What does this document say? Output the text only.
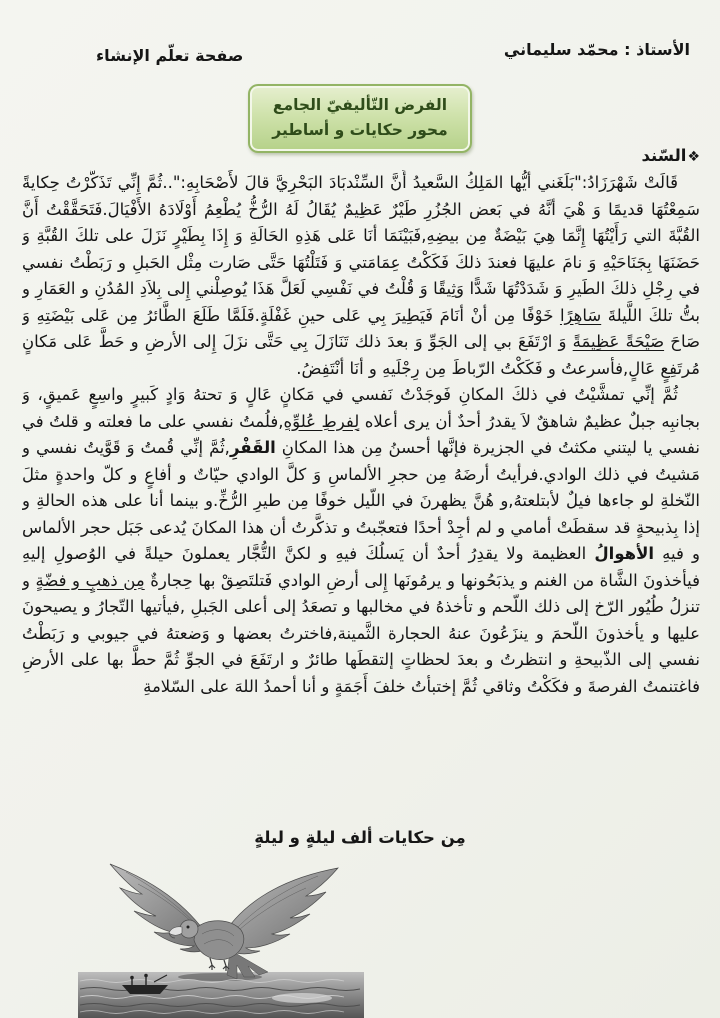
الأستاذ : محمّد سليماني
صفحة تعلّم الإنشاء
الفرض التّأليفيّ الجامع
محور حكايات و أساطير
❖السّند

قَالَتْ شَهْرَزَادُ:"بَلَغَني أيُّها المَلِكُ السَّعيدُ أَنَّ السِّنْدبَادَ البَحْرِيَّ قالَ لأَصْحَابِهِ:"..ثُمَّ إِنِّي تَذَكَّرْتُ حِكايةً سَمِعْتُهَا قديمًا وَ هْيَ أنَّهُ في بَعض الجُزُرِ طَيْرٌ عَظِيمٌ يُقَالُ لَهُ الرُّخُّ يُطْعِمُ أَوْلَادَهُ الأَفْيَالَ.فَتَحَقَّقْتُ أَنَّ القُبَّةَ التي رَأَيْتُهَا إِنَّمَا هِيَ بَيْضَةٌ مِن بيضِهِ,فَبَيْنَمَا أنَا عَلى هَذِهِ الحَالَةِ وَ إِذَا بِطَيْرٍ نَزَلَ على تلكَ القُبَّةِ وَ حَضَنَهَا بِجَنَاحَيْهِ وَ نامَ عليهَا فعندَ ذلكَ فَكَكْتُ عِمَامَتي وَ فَتَلْتُهَا حَتَّى صَارت مِثْل الحَبلِ و رَبَطْتُ نفسي في رِجْلِ ذلكَ الطَيرِ وَ شَدَدْتُهَا شَدًّا وَثِيقًا وَ قُلْتُ في نَفْسِي لَعَلَّ هَذَا يُوصِلْني إِلى بِلاَدِ المُدُنِ و العَمَارِ و بتُّ تلكَ اللَّيلةَ سَاهِرًا خَوْفًا مِن أنْ أنَامَ فَيَطِيرَ بِي عَلى حينِ غَفْلَةٍ.فَلَمَّا طَلَعَ الطَّائرُ مِن عَلى بَيْضَتِهِ وَ صَاحَ صَيْحَةً عَظِيمَةً وَ ارْتَفَعَ بي إلى الجَوِّ وَ بعدَ ذلك تَنَازَلَ بِي حَتَّى نزَلَ إِلى الأرضِ و حَطَّ عَلى مَكانٍ مُرتَفِعٍ عَالٍ,فأسرعتُ و فَكَكْتُ الرّباطَ مِن رِجْلَيهِ و أنَا أنْتَفِضُ.

ثُمَّ إنِّي تمشَّيْتُ في ذلكَ المكانِ فَوجَدْتُ نَفسي في مَكانٍ عَالٍ وَ تحتهُ وَادٍ كَبيرٍ واسِعٍ عَميقٍ، وَ بجانبِه جبلٌ عظيمٌ شاهقٌ لاَ يقدرُ أحدٌ أن يرى أعلاه لِفرطِ عُلوِّهِ,فلُمتُ نفسي على ما فعلته و قلتُ في نفسي يا ليتني مكثتُ في الجزيرة فإنَّها أحسنُ مِن هذا المكانِ القَفْرِ,ثُمَّ إنِّي قُمتُ وَ قَوَّيتُ نفسي و مَشيتُ في ذلك الوادي.فرأيتُ أرضَهُ مِن حجرِ الألماسِ وَ كلَّ الوادي حيّاتٌ و أفاعٍ و كلّ واحدةٍ مثلَ النّخلةِ لو جاءها فيلٌ لأبتلعتهُ,و هُنَّ يظهرنَ في اللّيل خوفًا مِن طيرِ الرُّخِّ.و بينما أنا على هذه الحالةِ و إذا بِذبيحةٍ قد سقطَتْ أمامي و لم أجِدْ أحدًا فتعجّبتُ و تذكَّرتُ أن هذا المكانَ يُدعى جَبَل حجر الألماس و فيهِ الأهوالُ العظيمة ولا يقدِرُ أحدٌ أن يَسلُكَ فيهِ و لكنَّ التُّجَّار يعملونَ حيلةً في الوُصولِ إليهِ فيأخذونَ الشَّاة من الغنم و يذبَحُونها و يرمُونَها إِلى أرضِ الوادي فَتلتَصِقْ بها حِجارةٌ مِن ذهبٍ و فضّةٍ و تنزلُ طُيُور الرّخ إلى ذلك اللّحم و تأخذهُ في مخالبها و تصعَدُ إلى أعلى الجَبلِ ,فيأتيها التّجارُ و يصيحونَ عليها و يأخذونَ اللّحمَ و ينزَعُونَ عنهُ الحجارة الثَّمينة,فاخترتُ بعضها و وَضعتهُ في جيوبي و رَبَطْتُ نفسي إلى الذّبيحةِ و انتظرتُ و بعدَ لحظاتٍ إلتقطَها طائرٌ و ارتَفَعَ في الجوِّ ثُمَّ حطَّ بها على الأرضِ فاغتنمتُ الفرصةَ و فكَكْتُ وثاقي ثُمَّ إختبأتُ خلفَ أَجَمَةٍ و أنا أحمدُ اللهَ على السّلامةِ

مِن حكايات ألف ليلةٍ و ليلةٍ
